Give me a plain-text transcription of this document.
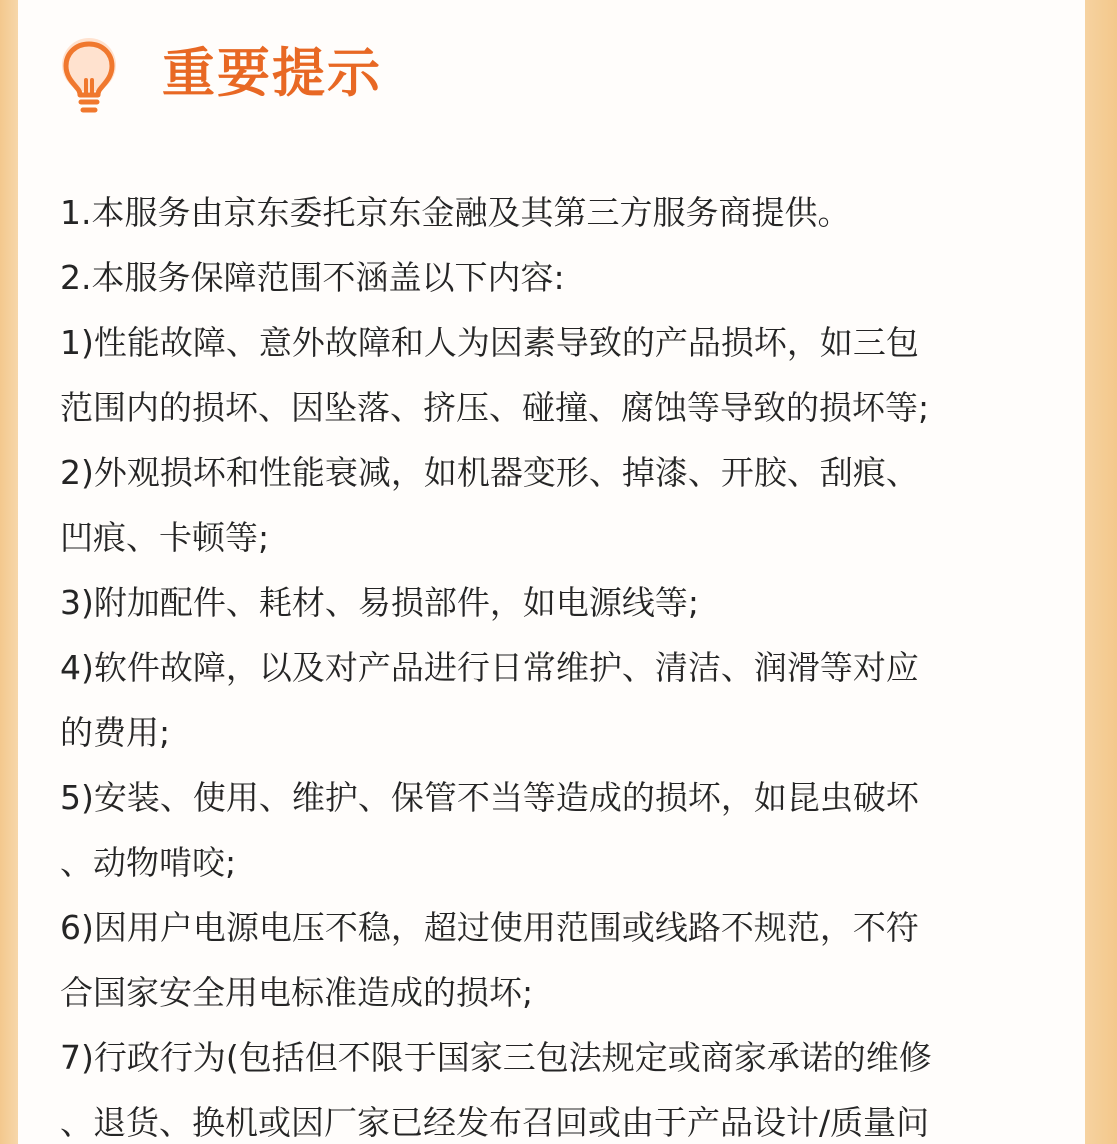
重要提示
1.本服务由京东委托京东金融及其第三方服务商提供。
2.本服务保障范围不涵盖以下内容:
1)性能故障、意外故障和人为因素导致的产品损坏，如三包
范围内的损坏、因坠落、挤压、碰撞、腐蚀等导致的损坏等;
2)外观损坏和性能衰减，如机器变形、掉漆、开胶、刮痕、
凹痕、卡顿等;
3)附加配件、耗材、易损部件，如电源线等;
4)软件故障，以及对产品进行日常维护、清洁、润滑等对应
的费用;
5)安装、使用、维护、保管不当等造成的损坏，如昆虫破坏
、动物啃咬;
6)因用户电源电压不稳，超过使用范围或线路不规范，不符
合国家安全用电标准造成的损坏;
7)行政行为(包括但不限于国家三包法规定或商家承诺的维修
、退货、换机或因厂家已经发布召回或由于产品设计/质量问
